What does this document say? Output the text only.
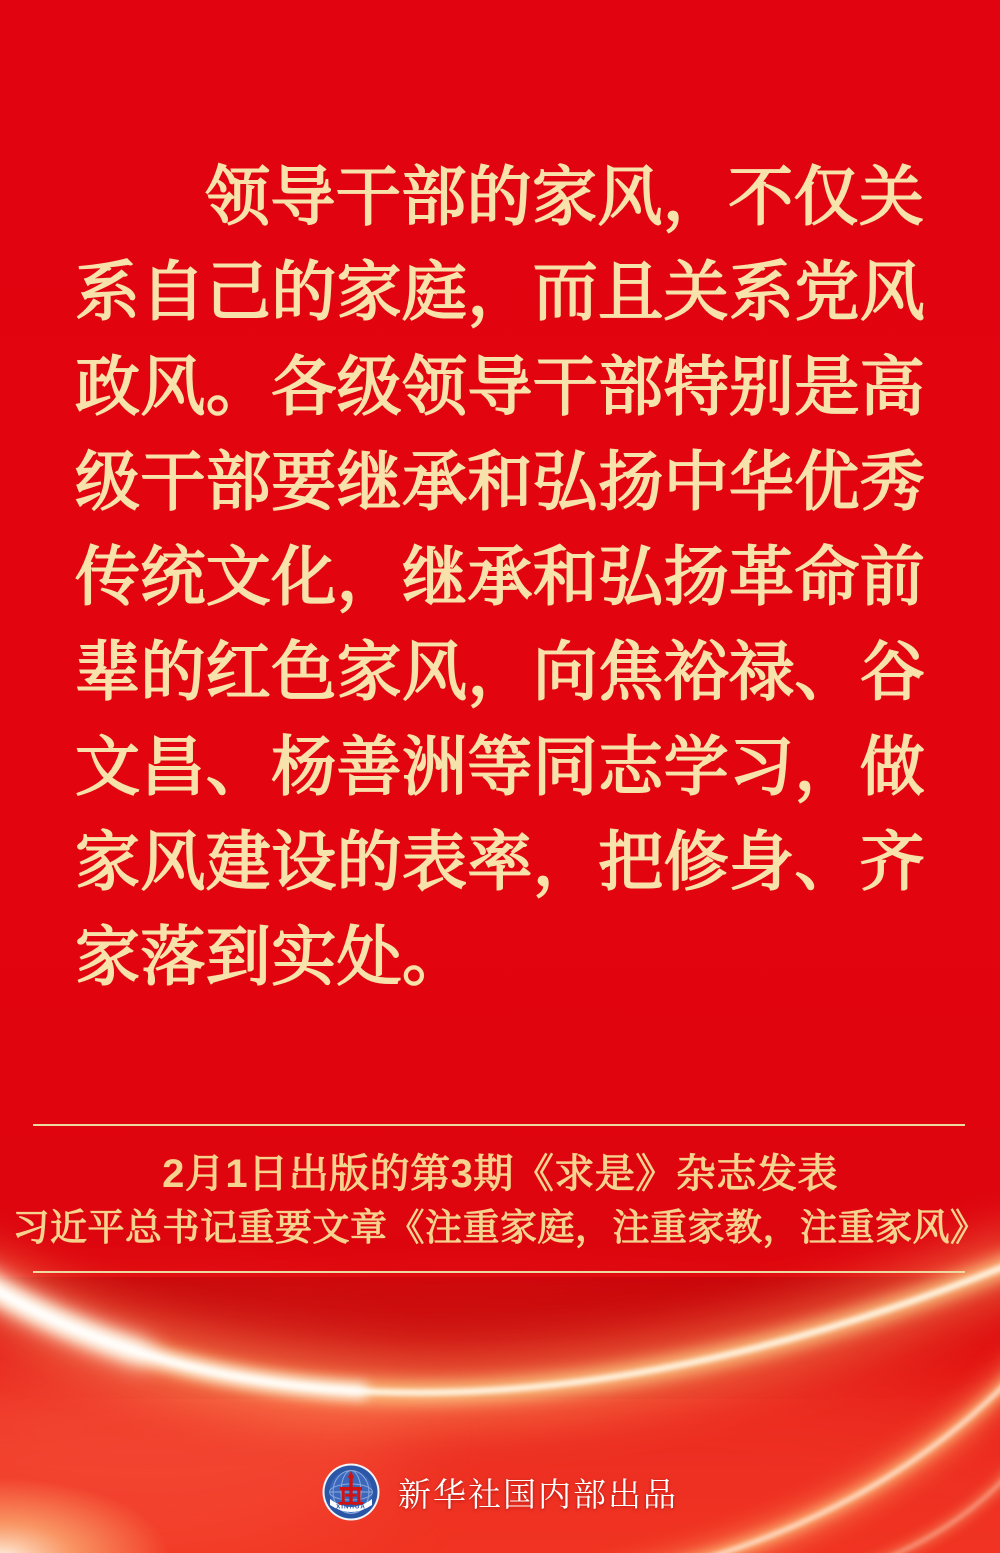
领导干部的家风，不仅关
系自己的家庭，而且关系党风
政风。各级领导干部特别是高
级干部要继承和弘扬中华优秀
传统文化，继承和弘扬革命前
辈的红色家风，向焦裕禄、谷
文昌、杨善洲等同志学习，做
家风建设的表率，把修身、齐
家落到实处。
2月1日出版的第3期《求是》杂志发表
习近平总书记重要文章《注重家庭，注重家教，注重家风》
XINHUA 新华社国内部出品
